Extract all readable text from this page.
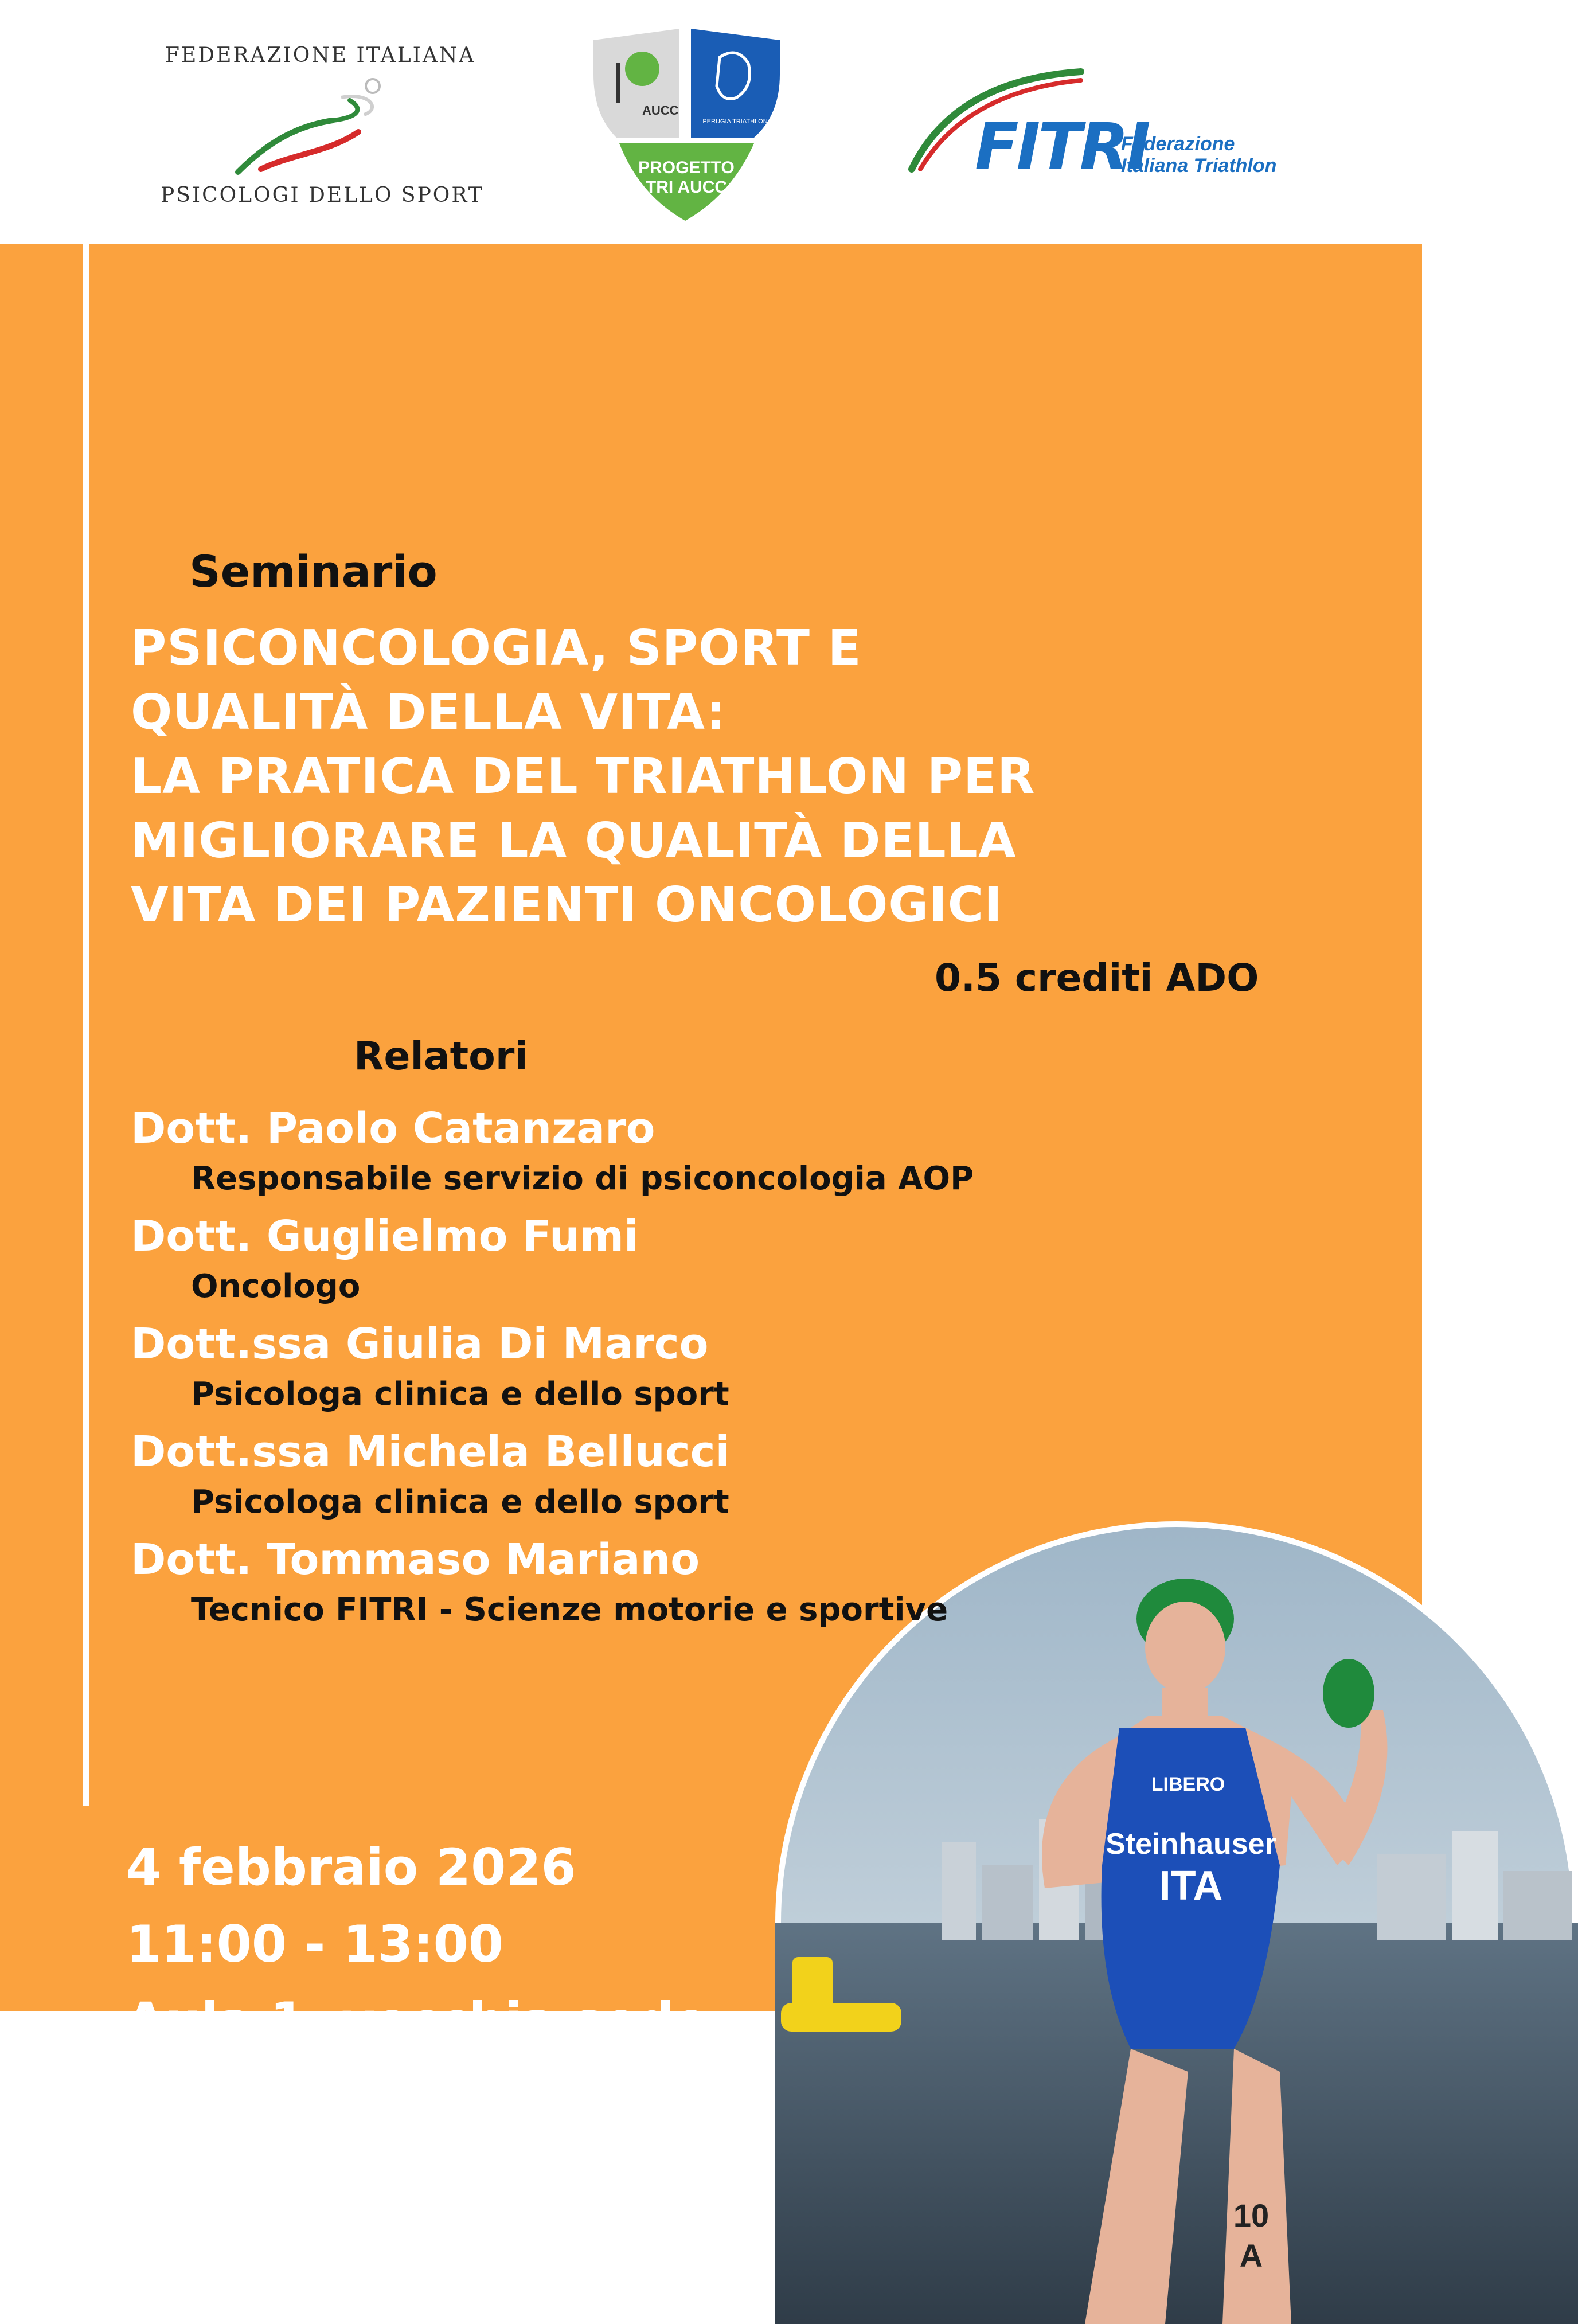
FEDERAZIONE ITALIANA
PSICOLOGI DELLO SPORT
AUCC
PERUGIA TRIATHLON
PROGETTO
TRI AUCC
FITRI
Federazione
Italiana Triathlon
LIBERO
Steinhauser
ITA
10
A
Seminario
PSICONCOLOGIA, SPORT E
QUALITÀ DELLA VITA:
LA PRATICA DEL TRIATHLON PER
MIGLIORARE LA QUALITÀ DELLA
VITA DEI PAZIENTI ONCOLOGICI
0.5 crediti ADO
Relatori
Dott. Paolo Catanzaro
Responsabile servizio di psiconcologia AOP
Dott. Guglielmo Fumi
Oncologo
Dott.ssa Giulia Di Marco
Psicologa clinica e dello sport
Dott.ssa Michela Bellucci
Psicologa clinica e dello sport
Dott. Tommaso Mariano
Tecnico FITRI - Scienze motorie e sportive
4 febbraio 2026
11:00 - 13:00
Aula 1, vecchia sede
